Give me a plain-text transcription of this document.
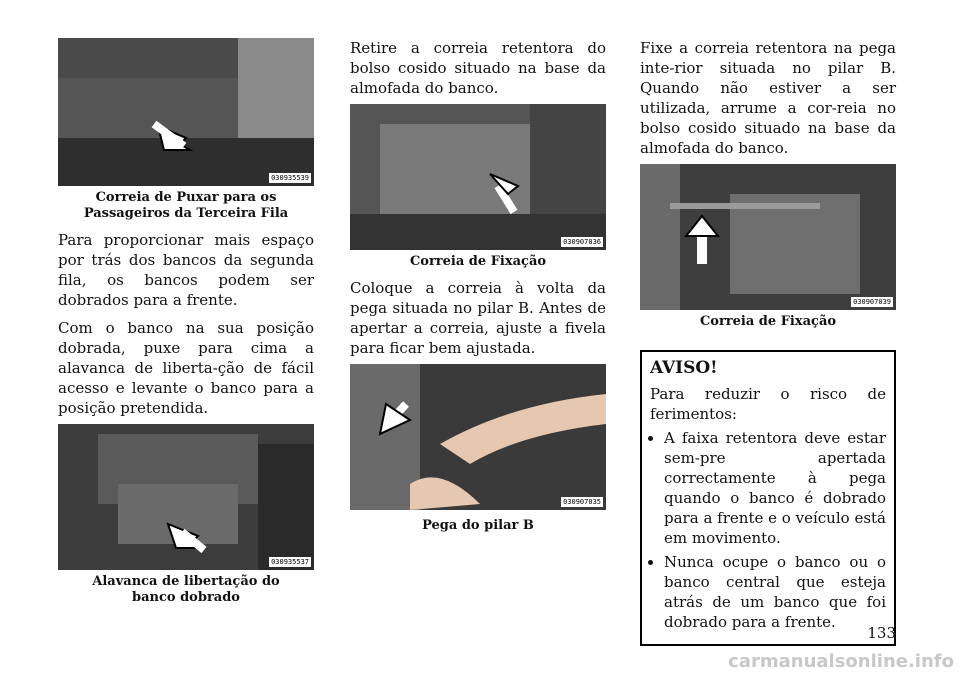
030935539
Correia de Puxar para os Passageiros da Terceira Fila

Para proporcionar mais espaço por trás dos bancos da segunda fila, os bancos podem ser dobrados para a frente.

Com o banco na sua posição dobrada, puxe para cima a alavanca de liberta-ção de fácil acesso e levante o banco para a posição pretendida.

030935537
Alavanca de libertação do banco dobrado

Retire a correia retentora do bolso cosido situado na base da almofada do banco.

030907036
Correia de Fixação

Coloque a correia à volta da pega situada no pilar B. Antes de apertar a correia, ajuste a fivela para ficar bem ajustada.

030907035
Pega do pilar B

Fixe a correia retentora na pega inte-rior situada no pilar B. Quando não estiver a ser utilizada, arrume a cor-reia no bolso cosido situado na base da almofada do banco.

030907039
Correia de Fixação
AVISO!
Para reduzir o risco de ferimentos:
• A faixa retentora deve estar sem-pre apertada correctamente à pega quando o banco é dobrado para a frente e o veículo está em movimento.
• Nunca ocupe o banco ou o banco central que esteja atrás de um banco que foi dobrado para a frente.
133
carmanualsonline.info
